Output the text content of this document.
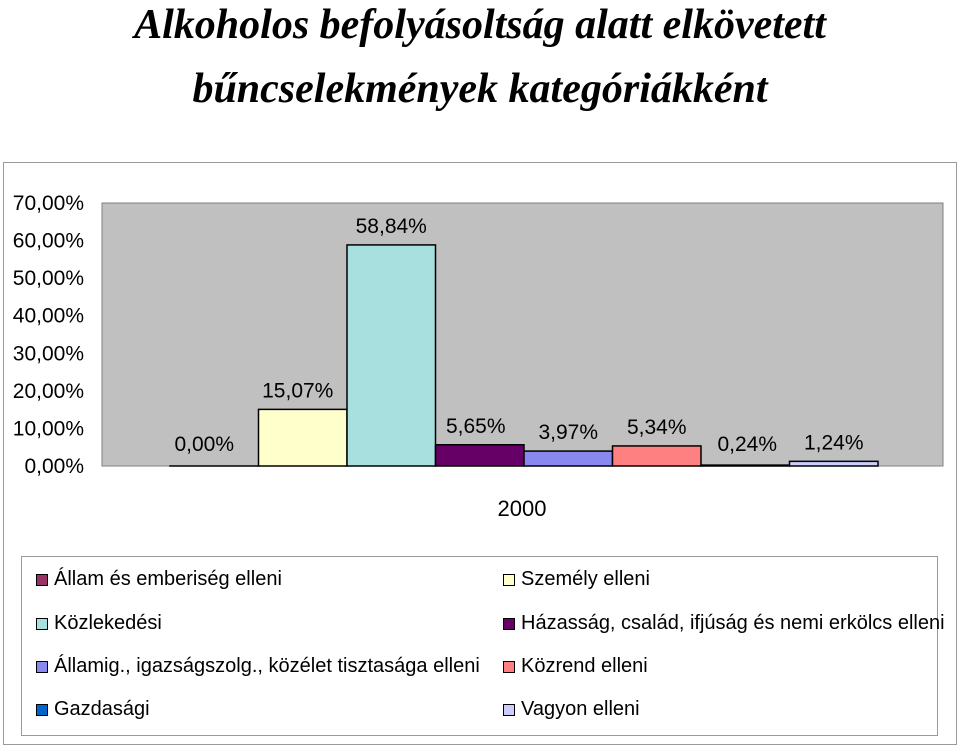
Alkoholos befolyásoltság alatt elkövetett
bűncselekmények kategóriákként
70,00%
60,00%
50,00%
40,00%
30,00%
20,00%
10,00%
0,00%
0,00%
15,07%
58,84%
5,65% 3,97% 5,34%
0,24% 1,24%
2000
Állam és emberiség elleni	Személy elleni
Közlekedési	Házasság, család, ifjúság és nemi erkölcs elleni
Államig., igazságszolg., közélet tisztasága elleni Közrend elleni
Gazdasági	Vagyon elleni
